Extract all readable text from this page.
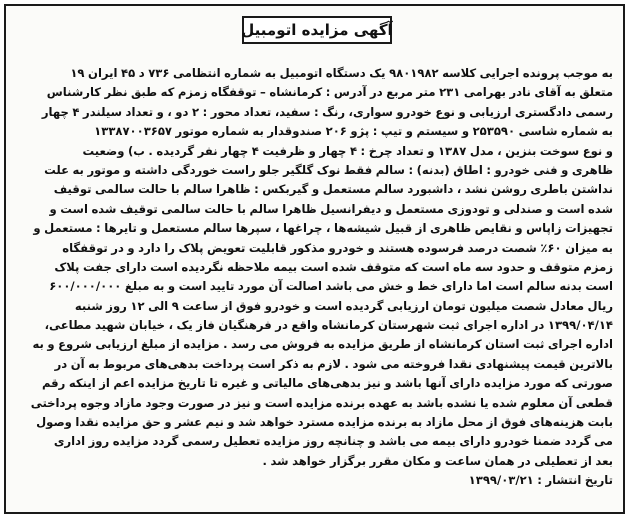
آگهی مزایده اتومبیل
به موجب پرونده اجرایی کلاسه ۹۸۰۱۹۸۲ یک دستگاه اتومبیل به شماره انتظامی ۷۳۶ د ۴۵ ایران ۱۹
متعلق به آقای نادر بهرامی ۲۳۱ متر مربع در آدرس : کرمانشاه – توقفگاه زمزم که طبق نظر کارشناس
رسمی دادگستری ارزیابی و نوع خودرو سواری، رنگ : سفید، تعداد محور : ۲ دو ، و تعداد سیلندر ۴ چهار
به شماره شاسی ۲۵۳۵۹۰ و سیستم و تیپ : پژو ۲۰۶ صندوقدار به شماره موتور ۱۳۳۸۷۰۰۳۶۵۷
و نوع سوخت بنزین ، مدل ۱۳۸۷ و تعداد چرخ : ۴ چهار و ظرفیت ۴ چهار نفر گردیده . ب) وضعیت
ظاهری و فنی خودرو : اطاق (بدنه) : سالم فقط نوک گلگیر جلو راست خوردگی داشته و موتور به علت
نداشتن باطری روشن نشد ، داشبورد سالم مستعمل و گیربکس : ظاهرا سالم با حالت سالمی توقیف
شده است و صندلی و تودوزی مستعمل و دیفرانسیل ظاهرا سالم با حالت سالمی توقیف شده است و
تجهیزات زاپاس و نقایص ظاهری از قبیل شیشه‌ها ، چراغها ، سپرها سالم مستعمل و تایرها : مستعمل و
به میزان ۶۰٪ شصت درصد فرسوده هستند و خودرو مذکور قابلیت تعویض پلاک را دارد و در توقفگاه
زمزم متوقف و حدود سه ماه است که متوقف شده است بیمه ملاحظه نگردیده است دارای جفت پلاک
است بدنه سالم است اما دارای خط و خش می باشد اصالت آن مورد تایید است و به مبلغ ۶۰۰/۰۰۰/۰۰۰
ریال معادل شصت میلیون تومان ارزیابی گردیده است و خودرو فوق از ساعت ۹ الی ۱۲ روز شنبه
۱۳۹۹/۰۴/۱۴ در اداره اجرای ثبت شهرستان کرمانشاه واقع در فرهنگیان فاز یک ، خیابان شهید مطاعی،
اداره اجرای ثبت استان کرمانشاه از طریق مزایده به فروش می رسد . مزایده از مبلغ ارزیابی شروع و به
بالاترین قیمت پیشنهادی نقدا فروخته می شود . لازم به ذکر است پرداخت بدهی‌های مربوط به آن در
صورتی که مورد مزایده دارای آنها باشد و نیز بدهی‌های مالیاتی و غیره تا تاریخ مزایده اعم از اینکه رقم
قطعی آن معلوم شده یا نشده باشد به عهده برنده مزایده است و نیز در صورت وجود مازاد وجوه پرداختی
بابت هزینه‌های فوق از محل مازاد به برنده مزایده مسترد خواهد شد و نیم عشر و حق مزایده نقدا وصول
می گردد ضمنا خودرو دارای بیمه می باشد و چنانچه روز مزایده تعطیل رسمی گردد مزایده روز اداری
بعد از تعطیلی در همان ساعت و مکان مقرر برگزار خواهد شد .
تاریخ انتشار : ۱۳۹۹/۰۳/۲۱
